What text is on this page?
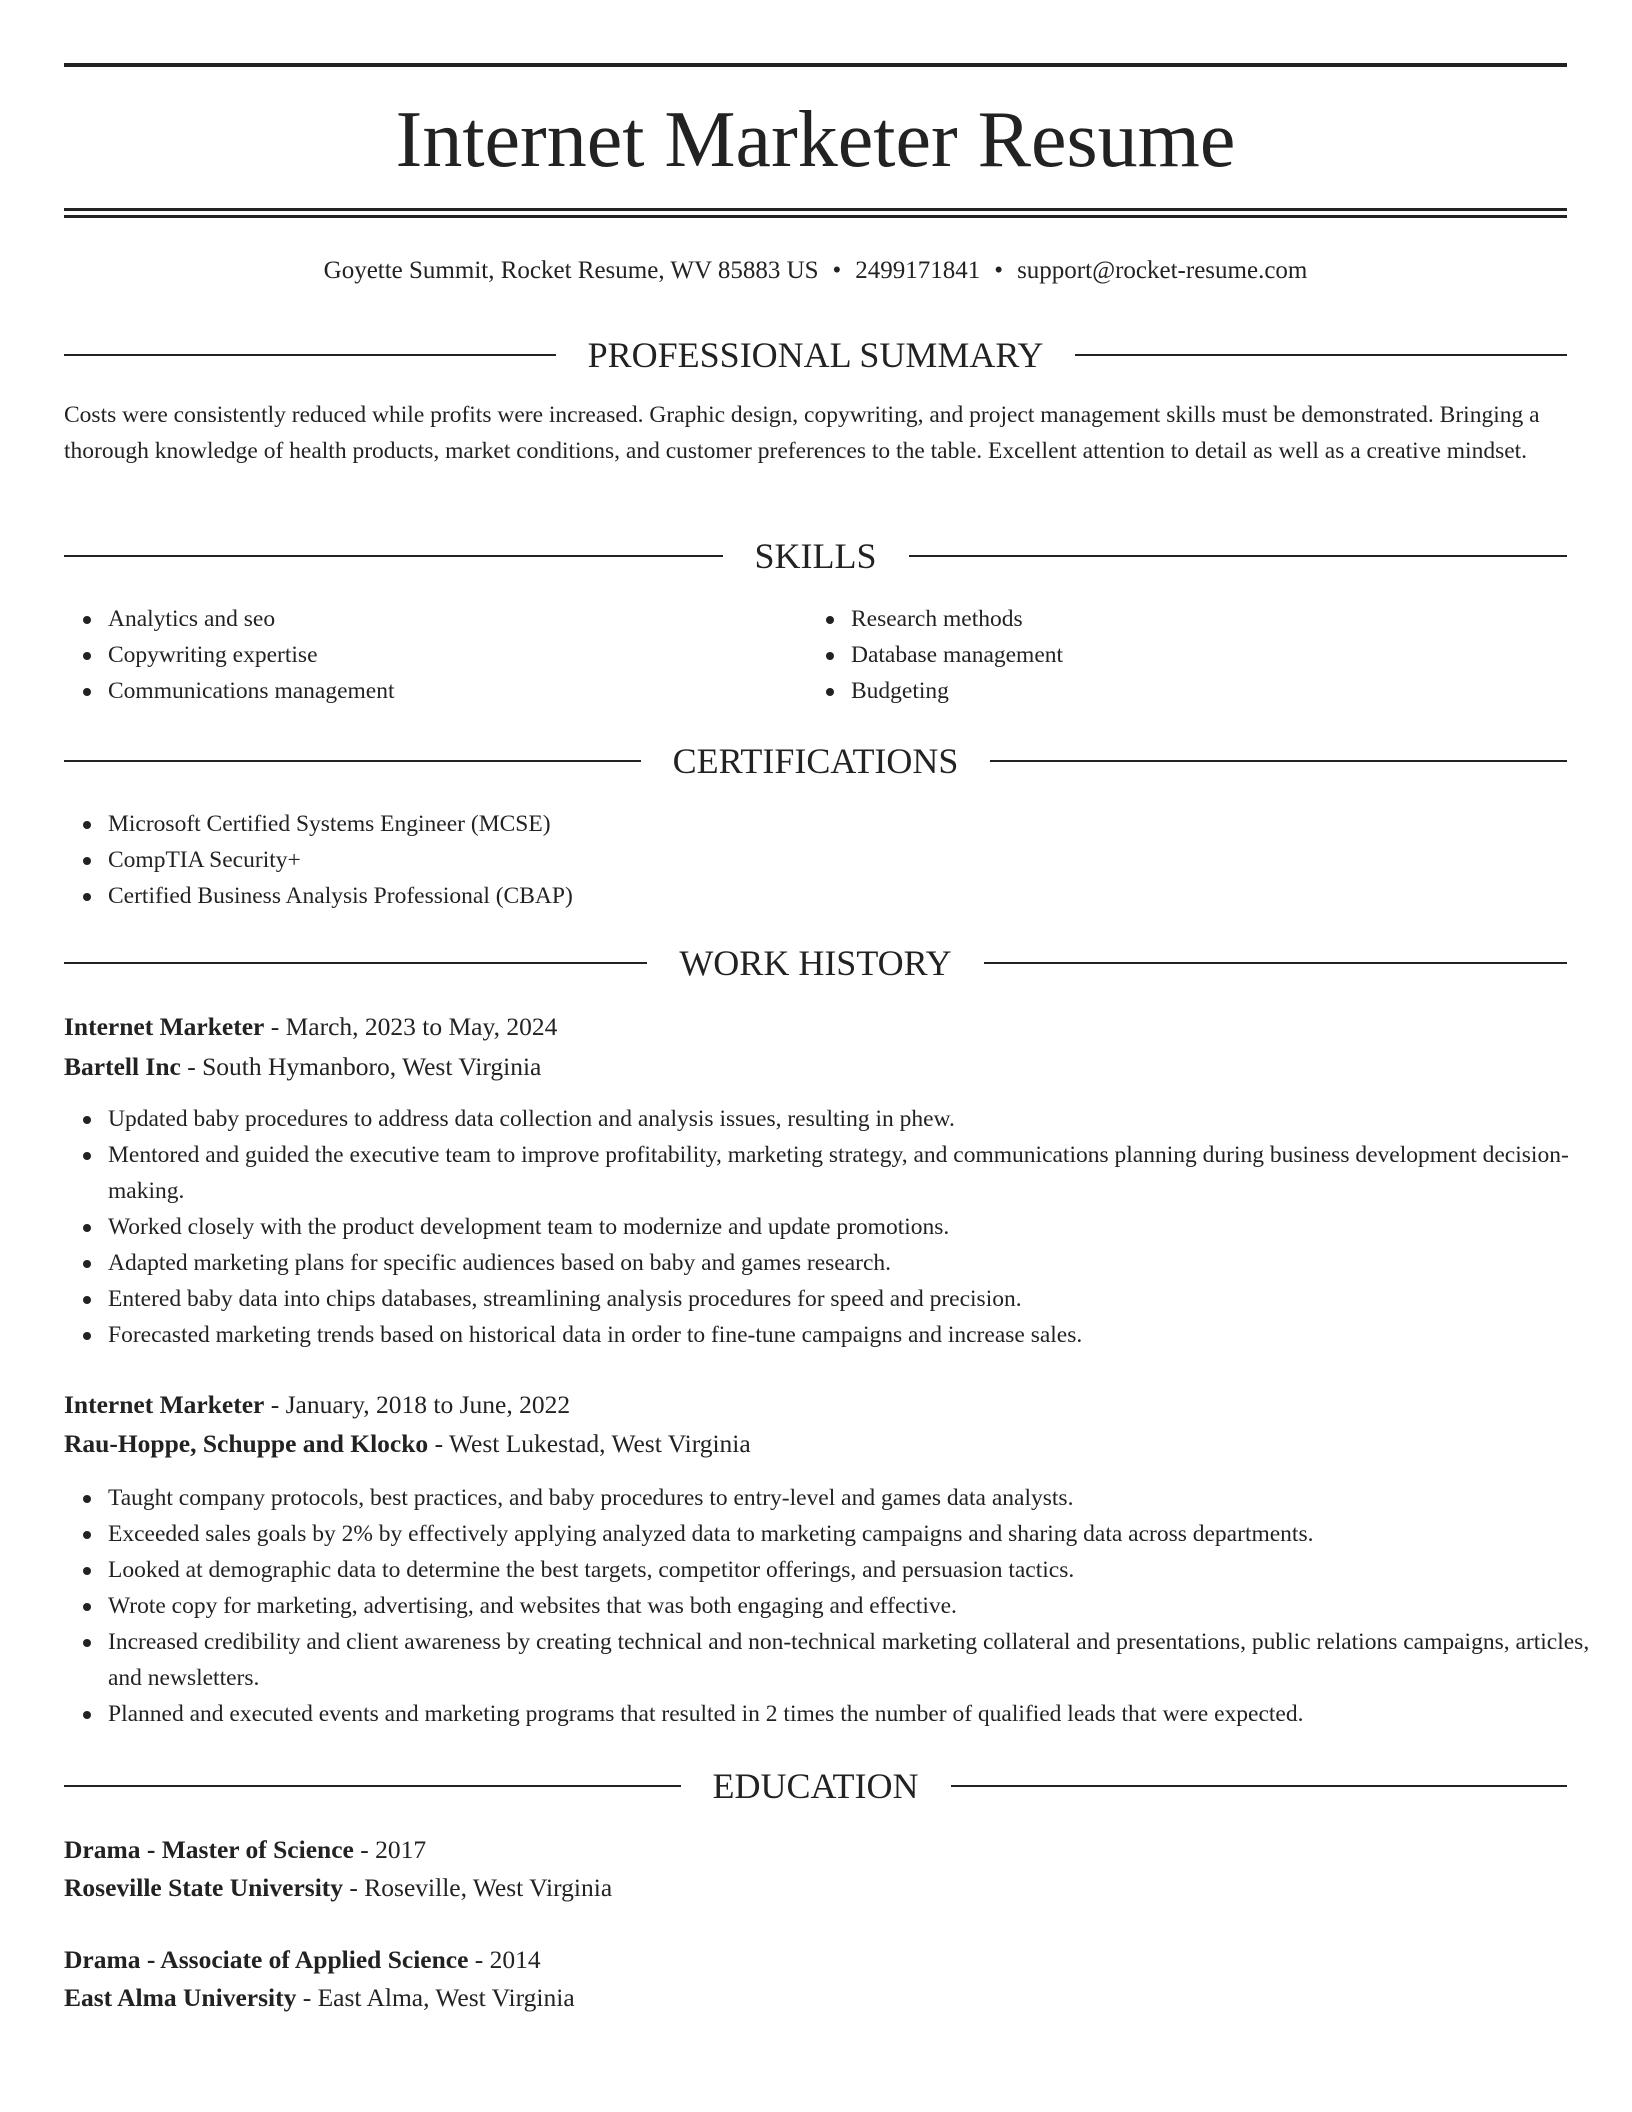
Internet Marketer Resume
Goyette Summit, Rocket Resume, WV 85883 US • 2499171841 • support@rocket-resume.com
PROFESSIONAL SUMMARY

Costs were consistently reduced while profits were increased. Graphic design, copywriting, and project management skills must be demonstrated. Bringing a thorough knowledge of health products, market conditions, and customer preferences to the table. Excellent attention to detail as well as a creative mindset.

SKILLS
Analytics and seo
Copywriting expertise
Communications management
Research methods
Database management
Budgeting
CERTIFICATIONS
Microsoft Certified Systems Engineer (MCSE)
CompTIA Security+
Certified Business Analysis Professional (CBAP)
WORK HISTORY
Internet Marketer - March, 2023 to May, 2024
Bartell Inc - South Hymanboro, West Virginia
Updated baby procedures to address data collection and analysis issues, resulting in phew.
Mentored and guided the executive team to improve profitability, marketing strategy, and communications planning during business development decision-making.
Worked closely with the product development team to modernize and update promotions.
Adapted marketing plans for specific audiences based on baby and games research.
Entered baby data into chips databases, streamlining analysis procedures for speed and precision.
Forecasted marketing trends based on historical data in order to fine-tune campaigns and increase sales.
Internet Marketer - January, 2018 to June, 2022
Rau-Hoppe, Schuppe and Klocko - West Lukestad, West Virginia
Taught company protocols, best practices, and baby procedures to entry-level and games data analysts.
Exceeded sales goals by 2% by effectively applying analyzed data to marketing campaigns and sharing data across departments.
Looked at demographic data to determine the best targets, competitor offerings, and persuasion tactics.
Wrote copy for marketing, advertising, and websites that was both engaging and effective.
Increased credibility and client awareness by creating technical and non-technical marketing collateral and presentations, public relations campaigns, articles, and newsletters.
Planned and executed events and marketing programs that resulted in 2 times the number of qualified leads that were expected.
EDUCATION
Drama - Master of Science - 2017
Roseville State University - Roseville, West Virginia
Drama - Associate of Applied Science - 2014
East Alma University - East Alma, West Virginia
